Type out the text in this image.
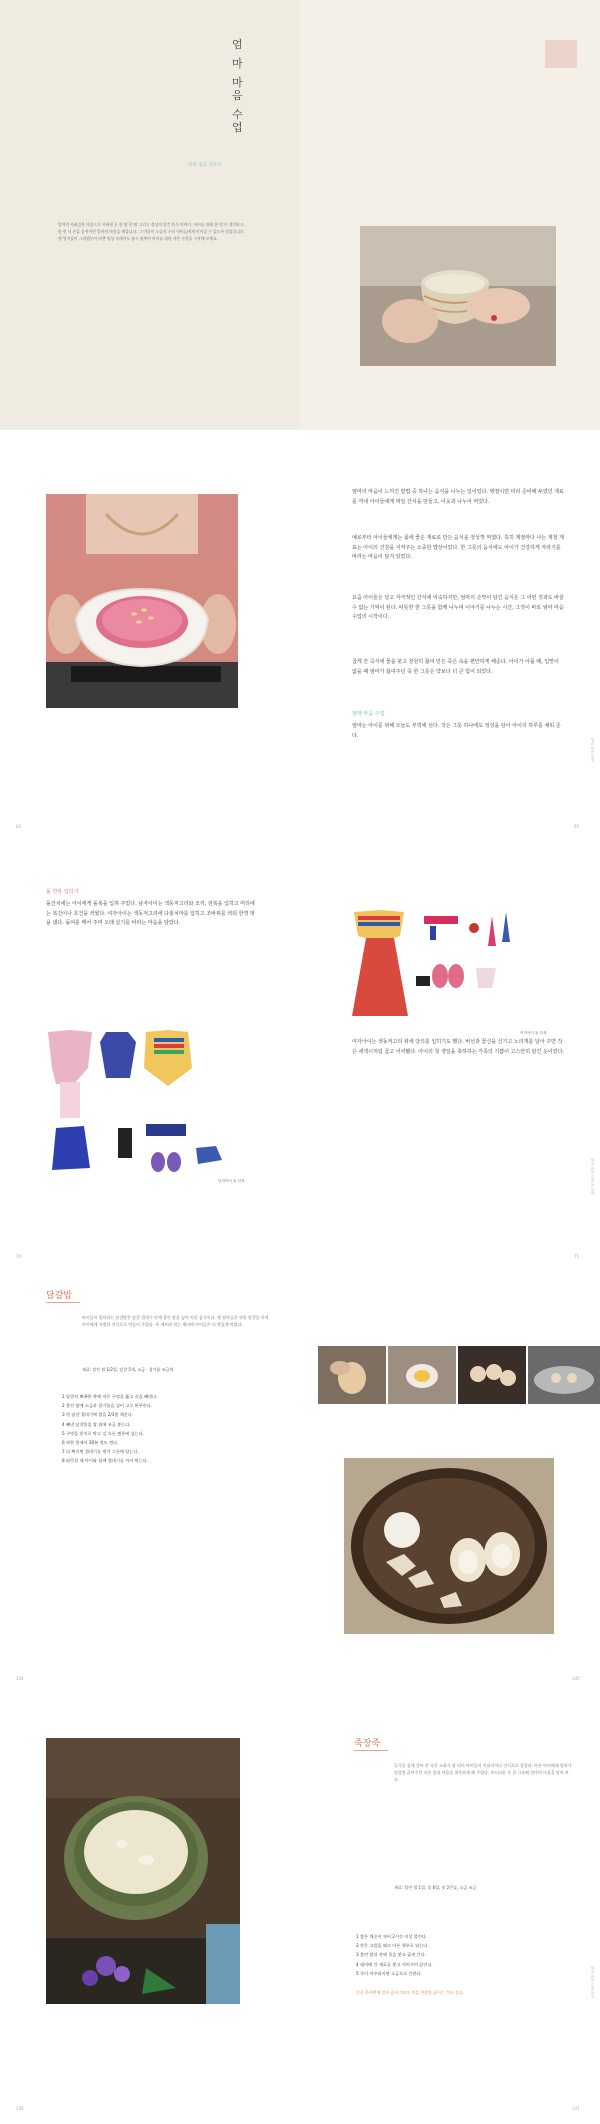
엄
마
마
음
수
업
하미 넣고 기르기
엄마의 사려깊은 마음으로 키워낸 옷 한 땀 한 땀 그리고 정성이 담긴 음식 이야기. 아이를 위해 한 번 더 생각하고, 한 번 더 손을 움직이던 엄마의 마음을 배웁니다. 그 마음이 오늘의 우리 아이들에게 이어질 수 있도록 담았습니다. 옛 엄마들이 그러했듯이 바쁜 일상 속에서도 잠시 멈추어 아이를 위한 작은 수업을 시작해 보세요.
엄마의 마음이 느껴진 방법 중 하나는 음식을 나누는 일이었다. 명절이면 미리 준비해 두었던 재료를 꺼내 아이들에게 먹일 간식을 만들고, 이웃과 나누어 먹었다.
예로부터 아이들에게는 몸에 좋은 재료로 만든 음식을 정성껏 먹였다. 특히 계절마다 나는 제철 재료는 아이의 건강을 지켜주는 소중한 밥상이었다. 한 그릇의 음식에도 아이가 건강하게 자라기를 바라는 마음이 담겨 있었다.
요즘 아이들은 달고 자극적인 간식에 익숙하지만, 엄마의 손맛이 담긴 음식은 그 어떤 것과도 바꿀 수 없는 기억이 된다. 따뜻한 한 그릇을 함께 나누며 이야기를 나누는 시간, 그것이 바로 엄마 마음 수업의 시작이다.
곱게 간 곡식에 물을 붓고 천천히 끓여 만든 죽은 속을 편안하게 해준다. 아이가 아플 때, 입맛이 없을 때 엄마가 끓여주던 죽 한 그릇은 약보다 더 큰 힘이 되었다.
엄마 마음 수업
엄마는 아이를 위해 오늘도 부엌에 선다. 작은 그릇 하나에도 정성을 담아 아이의 하루를 채워 준다.
64	65
엄마 마음 수업
돌 한복 입히기
돌잔치에는 아이에게 돌복을 입혀 주었다. 남자아이는 색동저고리와 조끼, 전복을 입히고 머리에는 복건이나 호건을 씌웠다. 여자아이는 색동저고리에 다홍치마를 입히고 조바위를 씌워 한껏 멋을 냈다. 돌띠를 매어 주며 오래 살기를 바라는 마음을 담았다.
남자아이 돌 한복
여자아이 돌 한복
여자아이는 색동저고리 위에 당의를 입히기도 했다. 버선과 꽃신을 신기고 노리개를 달아 주면 작은 새색시처럼 곱고 어여뻤다. 아이의 첫 생일을 축하하는 가족의 기쁨이 고스란히 담긴 옷이었다.
74	75
엄마 마음 수업 돌 한복
달걀밥
아이들이 좋아하는 달걀밥은 달걀 껍데기 안에 불린 쌀을 넣어 익힌 음식이다. 옛 엄마들은 귀한 달걀을 아껴 아이에게 특별한 간식으로 만들어 주었다. 톡 깨뜨려 먹는 재미에 아이들은 더 맛있게 먹었다.
재료: 불린 쌀 1/2컵, 달걀 5개, 소금 · 참기름 조금씩
1 달걀의 뾰족한 쪽에 작은 구멍을 뚫고 속을 빼낸다.
2 불린 쌀에 소금과 참기름을 넣어 고루 버무린다.
3 빈 달걀 껍데기에 쌀을 2/3쯤 채운다.
4 빼낸 달걀물을 쌀 위에 조금 붓는다.
5 구멍을 한지로 막고 김 오른 찜통에 넣는다.
6 약한 불에서 30분 정도 찐다.
7 다 쪄지면 껍데기를 벗겨 그릇에 담는다.
8 따뜻할 때 아이와 함께 껍데기를 까서 먹는다.
144	145
죽장죽
곡식을 곱게 갈아 쑨 죽은 소화가 잘 되어 아이들의 이유식이나 간식으로 좋았다. 아픈 아이에게 엄마가 정성껏 끓여주던 죽은 몸과 마음을 따뜻하게 해 주었다. 부드러운 죽 한 그릇에 엄마의 마음을 담아 보자.
재료: 불린 쌀 1컵, 물 6컵, 잣 2큰술, 소금 조금
1 쌀은 깨끗이 씻어 2시간 이상 불린다.
2 잣은 고깔을 떼고 마른 행주로 닦는다.
3 불린 쌀과 잣에 물을 붓고 곱게 간다.
4 냄비에 간 재료를 붓고 저어가며 끓인다.
5 죽이 어우러지면 소금으로 간한다.
죽은 한꺼번에 많이 끓이기보다 먹을 만큼만 끓이는 것이 좋다.
146	147
엄마 마음 수업 음식
